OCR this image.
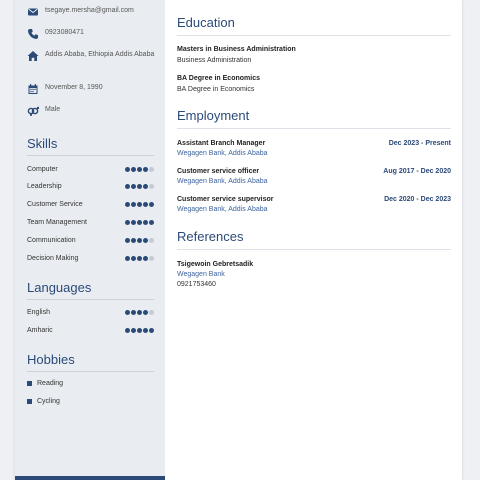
tsegaye.mersha@gmail.com
0923080471
Addis Ababa, Ethiopia Addis Ababa
November 8, 1990
Male
Skills
Computer
Leadership
Customer Service
Team Management
Communication
Decision Making
Languages
English
Amharic
Hobbies
Reading
Cycling
Education
Masters in Business Administration
Business Administration
BA Degree in Economics
BA Degree in Economics
Employment
Assistant Branch Manager	Dec 2023 - Present
Wegagen Bank, Addis Ababa
Customer service officer	Aug 2017 - Dec 2020
Wegagen Bank, Addis Ababa
Customer service supervisor	Dec 2020 - Dec 2023
Wegagen Bank, Addis Ababa
References
Tsigewoin Gebretsadik
Wegagen Bank
0921753460
